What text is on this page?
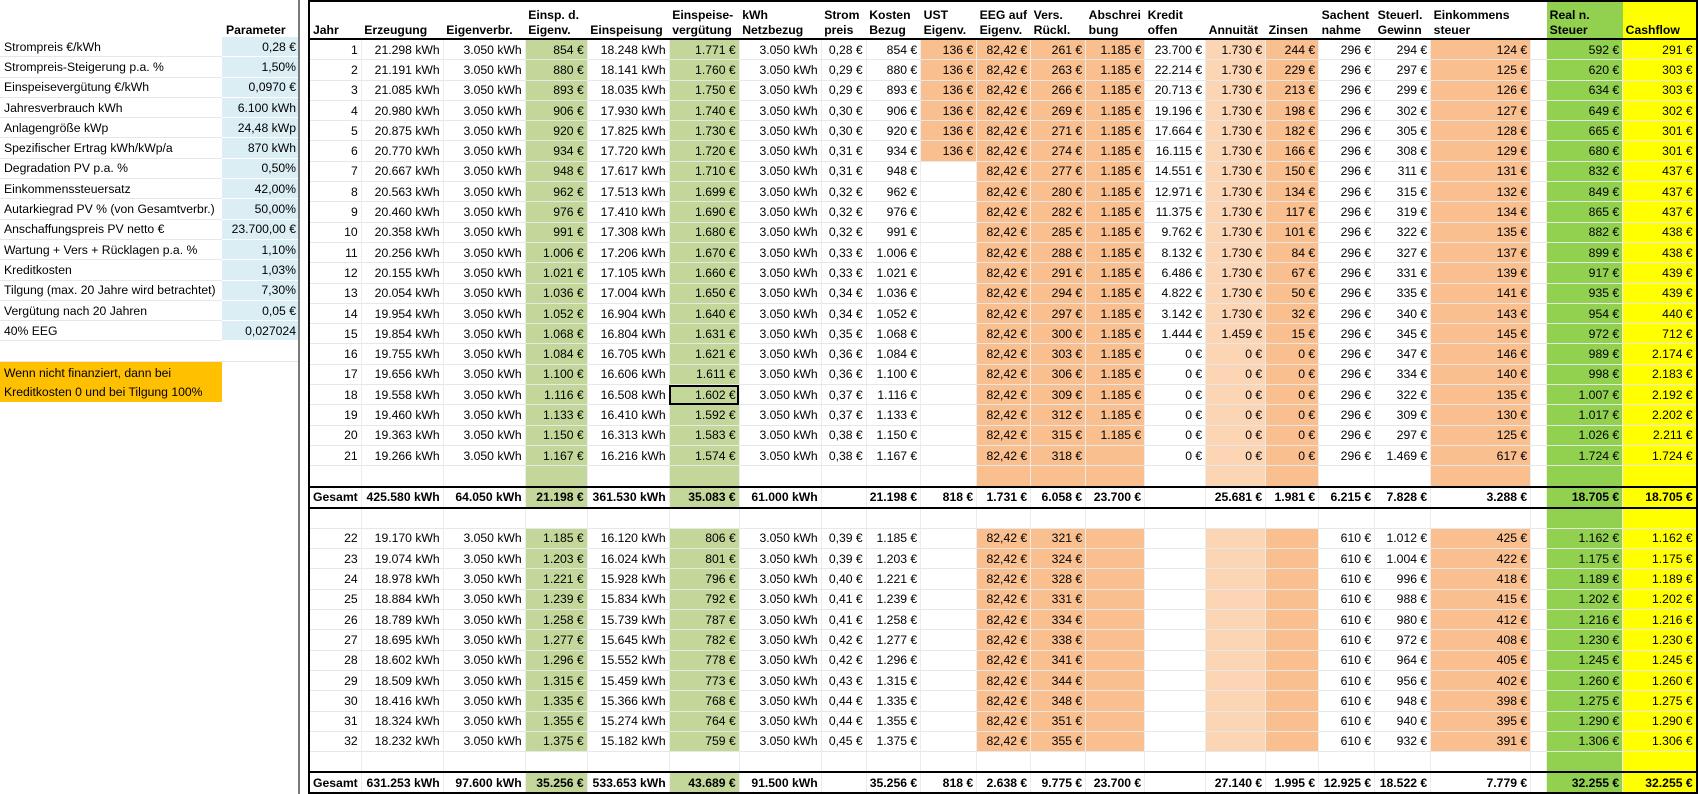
	Parameter
Strompreis €/kWh	0,28 €
Strompreis-Steigerung p.a. %	1,50%
Einspeisevergütung €/kWh	0,0970 €
Jahresverbrauch kWh	6.100 kWh
Anlagengröße kWp	24,48 kWp
Spezifischer Ertrag kWh/kWp/a	870 kWh
Degradation PV p.a. %	0,50%
Einkommenssteuersatz	42,00%
Autarkiegrad PV % (von Gesamtverbr.)	50,00%
Anschaffungspreis PV netto €	23.700,00 €
Wartung + Vers + Rücklagen p.a. %	1,10%
Kreditkosten	1,03%
Tilgung (max. 20 Jahre wird betrachtet)	7,30%
Vergütung nach 20 Jahren	0,05 €
40% EEG	0,027024

Wenn nicht finanziert, dann bei Kreditkosten 0 und bei Tilgung 100%	
Jahr	Erzeugung	Eigenverbr.	Einsp. d. Eigenv.	Einspeisung	Einspeise-vergütung	kWh Netzbezug	Strom preis	Kosten Bezug	UST Eigenv.	EEG auf Eigenv.	Vers. Rückl.	Abschrei bung	Kredit offen	Annuität	Zinsen	Sachent nahme	Steuerl. Gewinn	Einkommens steuer		Real n. Steuer	Cashflow
1	21.298 kWh	3.050 kWh	854 €	18.248 kWh	1.771 €	3.050 kWh	0,28 €	854 €	136 €	82,42 €	261 €	1.185 €	23.700 €	1.730 €	244 €	296 €	294 €	124 €		592 €	291 €
2	21.191 kWh	3.050 kWh	880 €	18.141 kWh	1.760 €	3.050 kWh	0,29 €	880 €	136 €	82,42 €	263 €	1.185 €	22.214 €	1.730 €	229 €	296 €	297 €	125 €		620 €	303 €
3	21.085 kWh	3.050 kWh	893 €	18.035 kWh	1.750 €	3.050 kWh	0,29 €	893 €	136 €	82,42 €	266 €	1.185 €	20.713 €	1.730 €	213 €	296 €	299 €	126 €		634 €	303 €
4	20.980 kWh	3.050 kWh	906 €	17.930 kWh	1.740 €	3.050 kWh	0,30 €	906 €	136 €	82,42 €	269 €	1.185 €	19.196 €	1.730 €	198 €	296 €	302 €	127 €		649 €	302 €
5	20.875 kWh	3.050 kWh	920 €	17.825 kWh	1.730 €	3.050 kWh	0,30 €	920 €	136 €	82,42 €	271 €	1.185 €	17.664 €	1.730 €	182 €	296 €	305 €	128 €		665 €	301 €
6	20.770 kWh	3.050 kWh	934 €	17.720 kWh	1.720 €	3.050 kWh	0,31 €	934 €	136 €	82,42 €	274 €	1.185 €	16.115 €	1.730 €	166 €	296 €	308 €	129 €		680 €	301 €
7	20.667 kWh	3.050 kWh	948 €	17.617 kWh	1.710 €	3.050 kWh	0,31 €	948 €		82,42 €	277 €	1.185 €	14.551 €	1.730 €	150 €	296 €	311 €	131 €		832 €	437 €
8	20.563 kWh	3.050 kWh	962 €	17.513 kWh	1.699 €	3.050 kWh	0,32 €	962 €		82,42 €	280 €	1.185 €	12.971 €	1.730 €	134 €	296 €	315 €	132 €		849 €	437 €
9	20.460 kWh	3.050 kWh	976 €	17.410 kWh	1.690 €	3.050 kWh	0,32 €	976 €		82,42 €	282 €	1.185 €	11.375 €	1.730 €	117 €	296 €	319 €	134 €		865 €	437 €
10	20.358 kWh	3.050 kWh	991 €	17.308 kWh	1.680 €	3.050 kWh	0,32 €	991 €		82,42 €	285 €	1.185 €	9.762 €	1.730 €	101 €	296 €	322 €	135 €		882 €	438 €
11	20.256 kWh	3.050 kWh	1.006 €	17.206 kWh	1.670 €	3.050 kWh	0,33 €	1.006 €		82,42 €	288 €	1.185 €	8.132 €	1.730 €	84 €	296 €	327 €	137 €		899 €	438 €
12	20.155 kWh	3.050 kWh	1.021 €	17.105 kWh	1.660 €	3.050 kWh	0,33 €	1.021 €		82,42 €	291 €	1.185 €	6.486 €	1.730 €	67 €	296 €	331 €	139 €		917 €	439 €
13	20.054 kWh	3.050 kWh	1.036 €	17.004 kWh	1.650 €	3.050 kWh	0,34 €	1.036 €		82,42 €	294 €	1.185 €	4.822 €	1.730 €	50 €	296 €	335 €	141 €		935 €	439 €
14	19.954 kWh	3.050 kWh	1.052 €	16.904 kWh	1.640 €	3.050 kWh	0,34 €	1.052 €		82,42 €	297 €	1.185 €	3.142 €	1.730 €	32 €	296 €	340 €	143 €		954 €	440 €
15	19.854 kWh	3.050 kWh	1.068 €	16.804 kWh	1.631 €	3.050 kWh	0,35 €	1.068 €		82,42 €	300 €	1.185 €	1.444 €	1.459 €	15 €	296 €	345 €	145 €		972 €	712 €
16	19.755 kWh	3.050 kWh	1.084 €	16.705 kWh	1.621 €	3.050 kWh	0,36 €	1.084 €		82,42 €	303 €	1.185 €	0 €	0 €	0 €	296 €	347 €	146 €		989 €	2.174 €
17	19.656 kWh	3.050 kWh	1.100 €	16.606 kWh	1.611 €	3.050 kWh	0,36 €	1.100 €		82,42 €	306 €	1.185 €	0 €	0 €	0 €	296 €	334 €	140 €		998 €	2.183 €
18	19.558 kWh	3.050 kWh	1.116 €	16.508 kWh	1.602 €	3.050 kWh	0,37 €	1.116 €		82,42 €	309 €	1.185 €	0 €	0 €	0 €	296 €	322 €	135 €		1.007 €	2.192 €
19	19.460 kWh	3.050 kWh	1.133 €	16.410 kWh	1.592 €	3.050 kWh	0,37 €	1.133 €		82,42 €	312 €	1.185 €	0 €	0 €	0 €	296 €	309 €	130 €		1.017 €	2.202 €
20	19.363 kWh	3.050 kWh	1.150 €	16.313 kWh	1.583 €	3.050 kWh	0,38 €	1.150 €		82,42 €	315 €	1.185 €	0 €	0 €	0 €	296 €	297 €	125 €		1.026 €	2.211 €
21	19.266 kWh	3.050 kWh	1.167 €	16.216 kWh	1.574 €	3.050 kWh	0,38 €	1.167 €		82,42 €	318 €		0 €	0 €	0 €	296 €	1.469 €	617 €		1.724 €	1.724 €

Gesamt	425.580 kWh	64.050 kWh	21.198 €	361.530 kWh	35.083 €	61.000 kWh		21.198 €	818 €	1.731 €	6.058 €	23.700 €		25.681 €	1.981 €	6.215 €	7.828 €	3.288 €		18.705 €	18.705 €

22	19.170 kWh	3.050 kWh	1.185 €	16.120 kWh	806 €	3.050 kWh	0,39 €	1.185 €		82,42 €	321 €					610 €	1.012 €	425 €		1.162 €	1.162 €
23	19.074 kWh	3.050 kWh	1.203 €	16.024 kWh	801 €	3.050 kWh	0,39 €	1.203 €		82,42 €	324 €					610 €	1.004 €	422 €		1.175 €	1.175 €
24	18.978 kWh	3.050 kWh	1.221 €	15.928 kWh	796 €	3.050 kWh	0,40 €	1.221 €		82,42 €	328 €					610 €	996 €	418 €		1.189 €	1.189 €
25	18.884 kWh	3.050 kWh	1.239 €	15.834 kWh	792 €	3.050 kWh	0,41 €	1.239 €		82,42 €	331 €					610 €	988 €	415 €		1.202 €	1.202 €
26	18.789 kWh	3.050 kWh	1.258 €	15.739 kWh	787 €	3.050 kWh	0,41 €	1.258 €		82,42 €	334 €					610 €	980 €	412 €		1.216 €	1.216 €
27	18.695 kWh	3.050 kWh	1.277 €	15.645 kWh	782 €	3.050 kWh	0,42 €	1.277 €		82,42 €	338 €					610 €	972 €	408 €		1.230 €	1.230 €
28	18.602 kWh	3.050 kWh	1.296 €	15.552 kWh	778 €	3.050 kWh	0,42 €	1.296 €		82,42 €	341 €					610 €	964 €	405 €		1.245 €	1.245 €
29	18.509 kWh	3.050 kWh	1.315 €	15.459 kWh	773 €	3.050 kWh	0,43 €	1.315 €		82,42 €	344 €					610 €	956 €	402 €		1.260 €	1.260 €
30	18.416 kWh	3.050 kWh	1.335 €	15.366 kWh	768 €	3.050 kWh	0,44 €	1.335 €		82,42 €	348 €					610 €	948 €	398 €		1.275 €	1.275 €
31	18.324 kWh	3.050 kWh	1.355 €	15.274 kWh	764 €	3.050 kWh	0,44 €	1.355 €		82,42 €	351 €					610 €	940 €	395 €		1.290 €	1.290 €
32	18.232 kWh	3.050 kWh	1.375 €	15.182 kWh	759 €	3.050 kWh	0,45 €	1.375 €		82,42 €	355 €					610 €	932 €	391 €		1.306 €	1.306 €

Gesamt	631.253 kWh	97.600 kWh	35.256 €	533.653 kWh	43.689 €	91.500 kWh		35.256 €	818 €	2.638 €	9.775 €	23.700 €		27.140 €	1.995 €	12.925 €	18.522 €	7.779 €		32.255 €	32.255 €
